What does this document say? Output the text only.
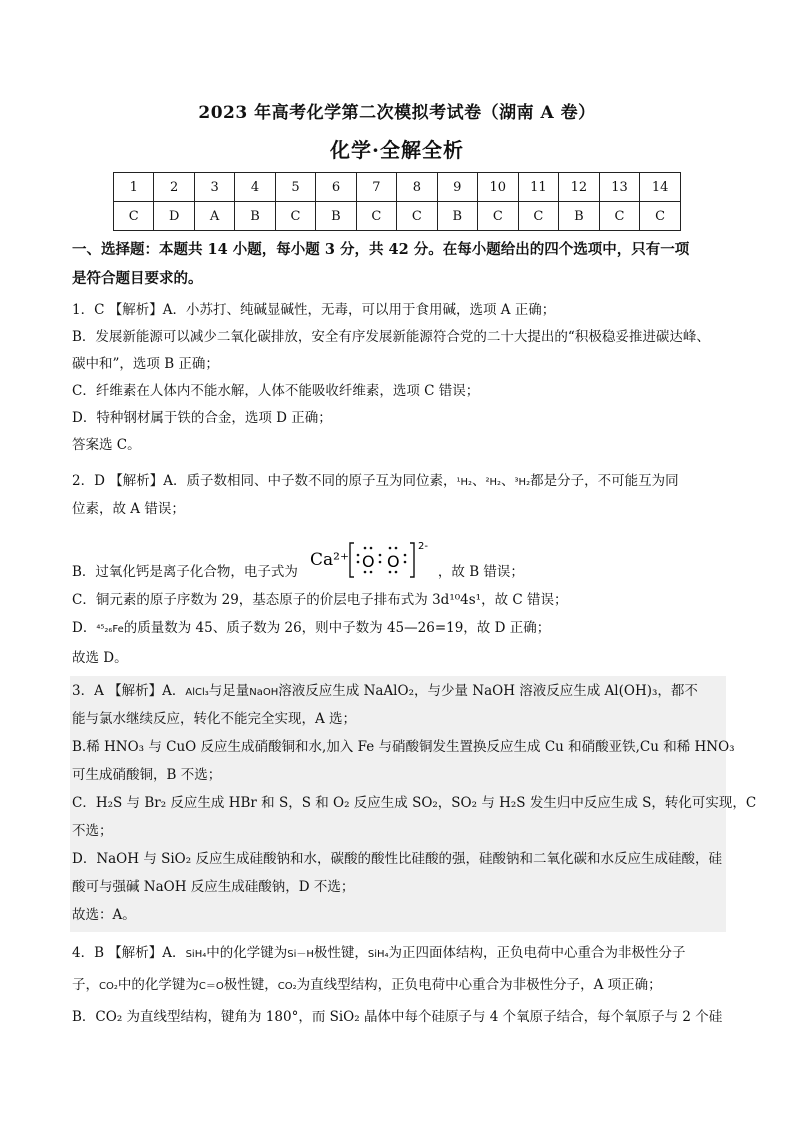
2023 年高考化学第二次模拟考试卷（湖南 A 卷）
化学·全解全析
1	2	3	4	5	6	7	8	9	10	11	12	13	14
C	D	A	B	C	B	C	C	B	C	C	B	C	C
一、选择题：本题共 14 小题，每小题 3 分，共 42 分。在每小题给出的四个选项中，只有一项
是符合题目要求的。
1．C 【解析】A．小苏打、纯碱显碱性，无毒，可以用于食用碱，选项 A 正确；
B．发展新能源可以减少二氧化碳排放，安全有序发展新能源符合党的二十大提出的“积极稳妥推进碳达峰、
碳中和”，选项 B 正确；
C．纤维素在人体内不能水解，人体不能吸收纤维素，选项 C 错误；
D．特种钢材属于铁的合金，选项 D 正确；
答案选 C。
2．D 【解析】A．质子数相同、中子数不同的原子互为同位素，¹H₂、²H₂、³H₂都是分子，不可能互为同
位素，故 A 错误；
Ca²⁺ O O
2-
B．过氧化钙是离子化合物，电子式为	，故 B 错误；
C．铜元素的原子序数为 29，基态原子的价层电子排布式为 3d¹⁰4s¹，故 C 错误；
D．⁴⁵₂₆Fe的质量数为 45、质子数为 26，则中子数为 45—26=19，故 D 正确；
故选 D。
3．A 【解析】A．AlCl₃与足量NaOH溶液反应生成 NaAlO₂，与少量 NaOH 溶液反应生成 Al(OH)₃，都不
能与氯水继续反应，转化不能完全实现，A 选；
B.稀 HNO₃ 与 CuO 反应生成硝酸铜和水,加入 Fe 与硝酸铜发生置换反应生成 Cu 和硝酸亚铁,Cu 和稀 HNO₃
可生成硝酸铜，B 不选；
C．H₂S 与 Br₂ 反应生成 HBr 和 S，S 和 O₂ 反应生成 SO₂，SO₂ 与 H₂S 发生归中反应生成 S，转化可实现，C
不选；
D．NaOH 与 SiO₂ 反应生成硅酸钠和水，碳酸的酸性比硅酸的强，硅酸钠和二氧化碳和水反应生成硅酸，硅
酸可与强碱 NaOH 反应生成硅酸钠，D 不选；
故选：A。
4．B 【解析】A．SiH₄中的化学键为Si－H极性键，SiH₄为正四面体结构，正负电荷中心重合为非极性分子
子，CO₂中的化学键为C＝O极性键，CO₂为直线型结构，正负电荷中心重合为非极性分子，A 项正确；
B．CO₂ 为直线型结构，键角为 180°，而 SiO₂ 晶体中每个硅原子与 4 个氧原子结合，每个氧原子与 2 个硅
